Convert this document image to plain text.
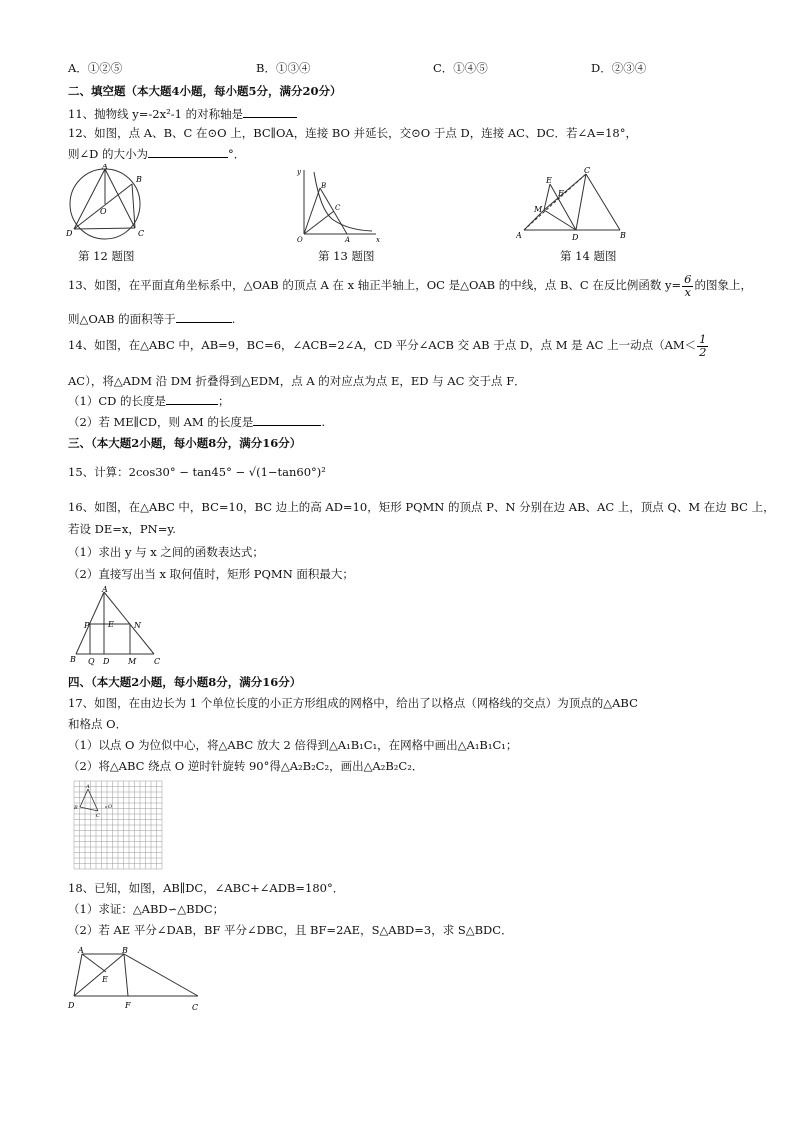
A．①②⑤	B．①③④	C．①④⑤	D．②③④
二、填空题（本大题4小题，每小题5分，满分20分）
11、抛物线 y=-2x²-1 的对称轴是
12、如图，点 A、B、C 在⊙O 上，BC∥OA，连接 BO 并延长，交⊙O 于点 D，连接 AC、DC．若∠A=18°，
则∠D 的大小为	°．
A
B
C
D
O
第 12 题图
y
x
O	A
B
C
第 13 题图
A	B
C
D
E
F
M
第 14 题图
13、如图，在平面直角坐标系中，△OAB 的顶点 A 在 x 轴正半轴上，OC 是△OAB 的中线，点 B、C 在反比例函数 $y= \frac{6}{x}$ 的图象上，
则△OAB 的面积等于	.
14、如图，在△ABC 中，AB=9，BC=6，∠ACB=2∠A，CD 平分∠ACB 交 AB 于点 D，点 M 是 AC 上一动点（$AM< \frac{1}{2}$
AC），将△ADM 沿 DM 折叠得到△EDM，点 A 的对应点为点 E，ED 与 AC 交于点 F．
（1）CD 的长度是	；
（2）若 ME∥CD，则 AM 的长度是	.
三、（本大题2小题，每小题8分，满分16分）
15、计算：2cos30° − tan45° − √(1−tan60°)²
16、如图，在△ABC 中，BC=10，BC 边上的高 AD=10，矩形 PQMN 的顶点 P、N 分别在边 AB、AC 上，顶点 Q、M 在边 BC 上，
若设 DE=x，PN=y.
（1）求出 y 与 x 之间的函数表达式；
（2）直接写出当 x 取何值时，矩形 PQMN 面积最大；
A
B	C
D
E
P
Q	M
N
四、（本大题2小题，每小题8分，满分16分）
17、如图，在由边长为 1 个单位长度的小正方形组成的网格中，给出了以格点（网格线的交点）为顶点的△ABC
和格点 O．
（1）以点 O 为位似中心，将△ABC 放大 2 倍得到△A₁B₁C₁，在网格中画出△A₁B₁C₁；
（2）将△ABC 绕点 O 逆时针旋转 90°得△A₂B₂C₂，画出△A₂B₂C₂．
A
B
C
O
18、已知，如图，AB∥DC，∠ABC+∠ADB=180°．
（1）求证：△ABD∽△BDC；
（2）若 AE 平分∠DAB，BF 平分∠DBC，且 BF=2AE，S△ABD=3，求 S△BDC．
A	B
C
D
E
F
